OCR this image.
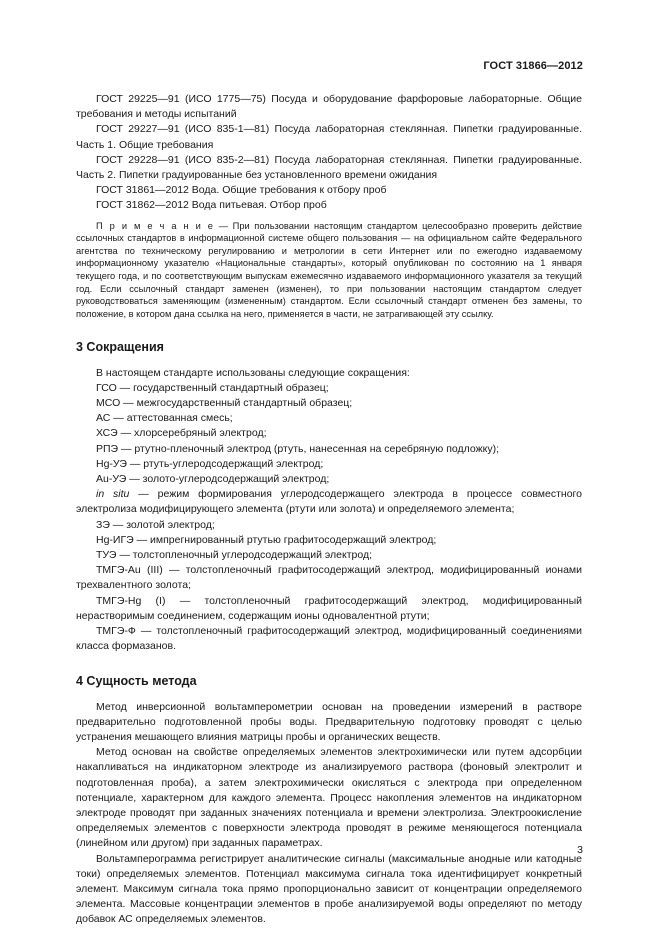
ГОСТ 31866—2012

ГОСТ 29225—91 (ИСО 1775—75) Посуда и оборудование фарфоровые лабораторные. Общие требования и методы испытаний

ГОСТ 29227—91 (ИСО 835-1—81) Посуда лабораторная стеклянная. Пипетки градуированные. Часть 1. Общие требования

ГОСТ 29228—91 (ИСО 835-2—81) Посуда лабораторная стеклянная. Пипетки градуированные. Часть 2. Пипетки градуированные без установленного времени ожидания

ГОСТ 31861—2012 Вода. Общие требования к отбору проб

ГОСТ 31862—2012 Вода питьевая. Отбор проб

П р и м е ч а н и е — При пользовании настоящим стандартом целесообразно проверить действие ссылочных стандартов в информационной системе общего пользования — на официальном сайте Федерального агентства по техническому регулированию и метрологии в сети Интернет или по ежегодно издаваемому информационному указателю «Национальные стандарты», который опубликован по состоянию на 1 января текущего года, и по соответствующим выпускам ежемесячно издаваемого информационного указателя за текущий год. Если ссылочный стандарт заменен (изменен), то при пользовании настоящим стандартом следует руководствоваться заменяющим (измененным) стандартом. Если ссылочный стандарт отменен без замены, то положение, в котором дана ссылка на него, применяется в части, не затрагивающей эту ссылку.
3 Сокращения

В настоящем стандарте использованы следующие сокращения:

ГСО — государственный стандартный образец;

МСО — межгосударственный стандартный образец;

АС — аттестованная смесь;

ХСЭ — хлорсеребряный электрод;

РПЭ — ртутно-пленочный электрод (ртуть, нанесенная на серебряную подложку);

Hg-УЭ — ртуть-углеродсодержащий электрод;

Au-УЭ — золото-углеродсодержащий электрод;

in situ — режим формирования углеродсодержащего электрода в процессе совместного электролиза модифицирующего элемента (ртути или золота) и определяемого элемента;

ЗЭ — золотой электрод;

Hg-ИГЭ — импрегнированный ртутью графитосодержащий электрод;

ТУЭ — толстопленочный углеродсодержащий электрод;

ТМГЭ-Au (III) — толстопленочный графитосодержащий электрод, модифицированный ионами трехвалентного золота;

ТМГЭ-Hg (I) — толстопленочный графитосодержащий электрод, модифицированный нерастворимым соединением, содержащим ионы одновалентной ртути;

ТМГЭ-Ф — толстопленочный графитосодержащий электрод, модифицированный соединениями класса формазанов.

4 Сущность метода

Метод инверсионной вольтамперометрии основан на проведении измерений в растворе предварительно подготовленной пробы воды. Предварительную подготовку проводят с целью устранения мешающего влияния матрицы пробы и органических веществ.

Метод основан на свойстве определяемых элементов электрохимически или путем адсорбции накапливаться на индикаторном электроде из анализируемого раствора (фоновый электролит и подготовленная проба), а затем электрохимически окисляться с электрода при определенном потенциале, характерном для каждого элемента. Процесс накопления элементов на индикаторном электроде проводят при заданных значениях потенциала и времени электролиза. Электроокисление определяемых элементов с поверхности электрода проводят в режиме меняющегося потенциала (линейном или другом) при заданных параметрах.

Вольтамперограмма регистрирует аналитические сигналы (максимальные анодные или катодные токи) определяемых элементов. Потенциал максимума сигнала тока идентифицирует конкретный элемент. Максимум сигнала тока прямо пропорционально зависит от концентрации определяемого элемента. Массовые концентрации элементов в пробе анализируемой воды определяют по методу добавок АС определяемых элементов.

3
